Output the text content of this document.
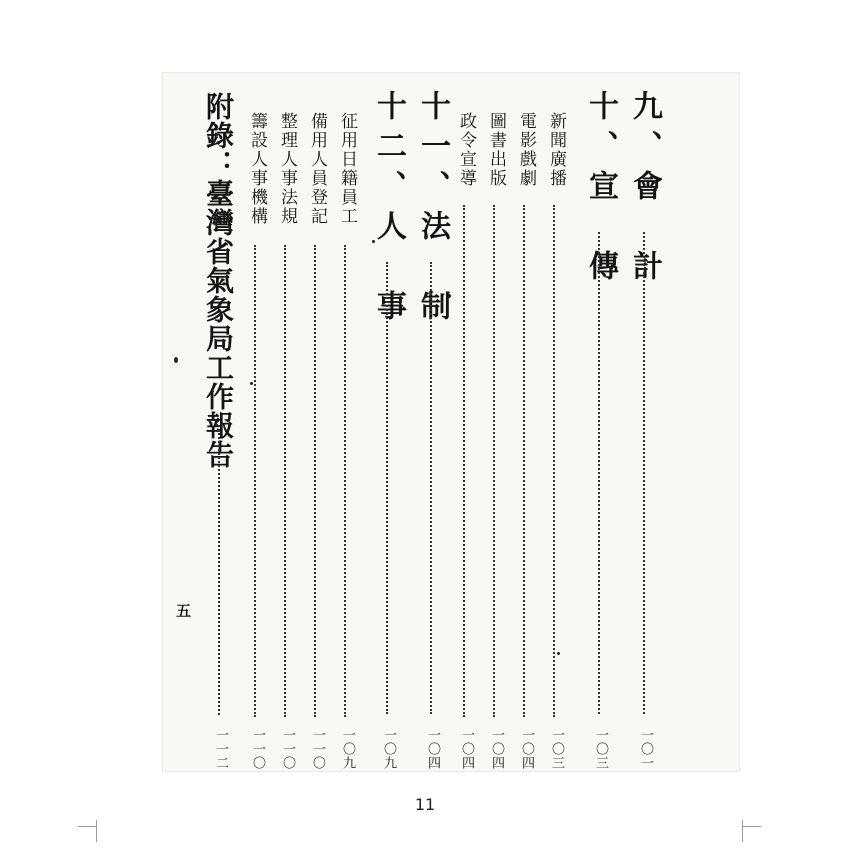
九、會　計
一〇一
十、宣　傳
一〇三
新聞廣播
一〇三
電影戲劇
一〇四
圖書出版
一〇四
政令宣導
一〇四
十一、法　制
一〇四
十二、人　事
一〇九
征用日籍員工
一〇九
備用人員登記
一一〇
整理人事法規
一一〇
籌設人事機構
一一〇
附錄：臺灣省氣象局工作報告
一一二
五
11
